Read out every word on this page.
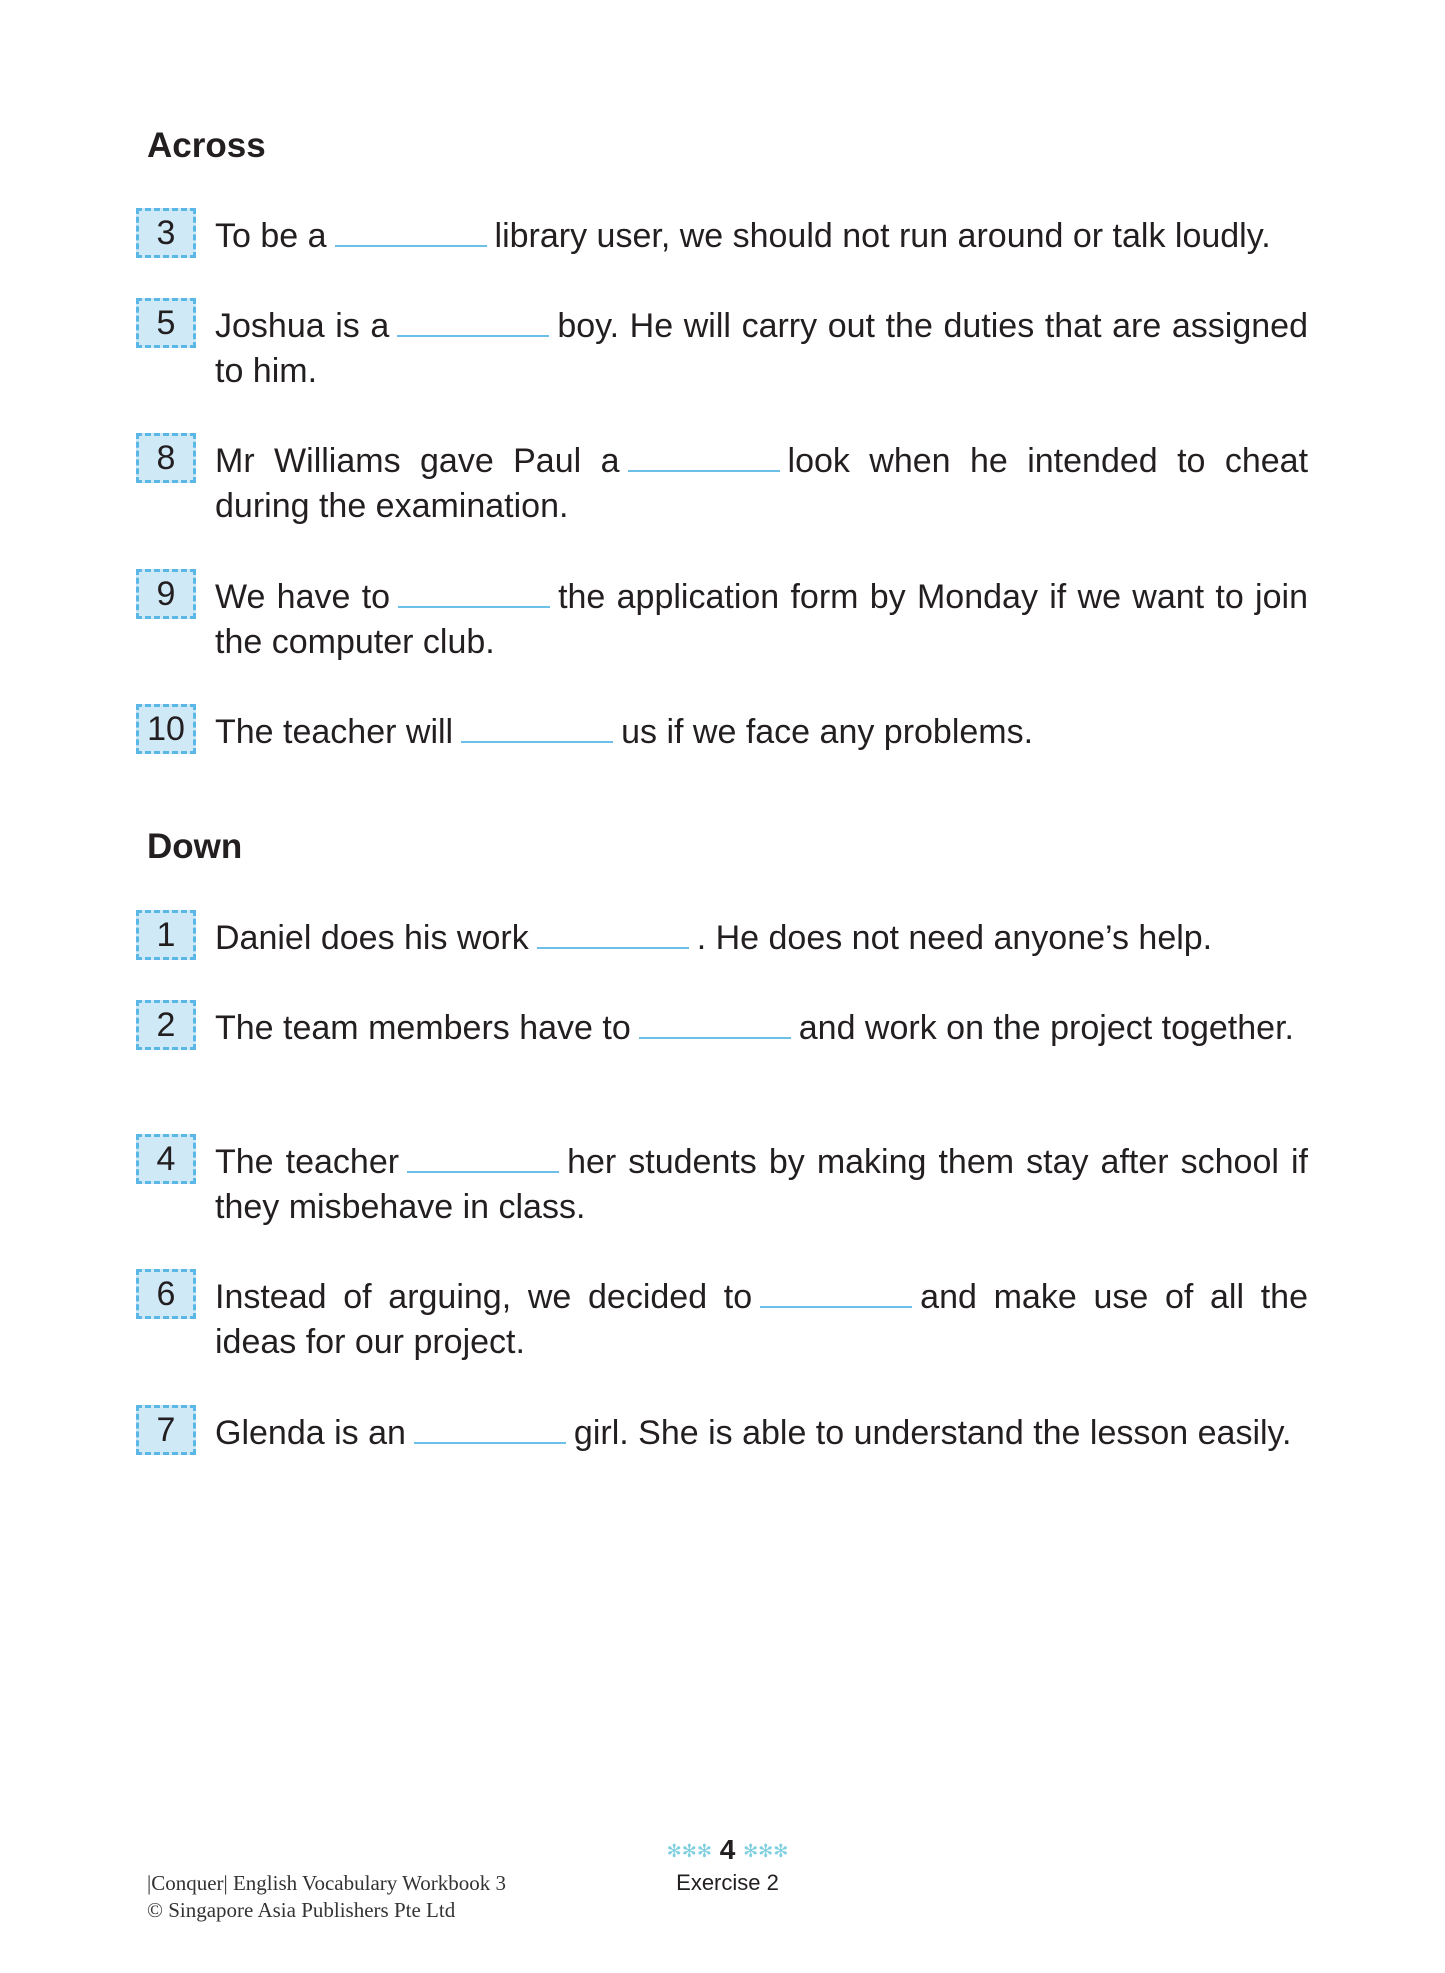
Across
Down
3	To be a	library user, we should not run around or talk loudly.
5	Joshua is a	boy. He will carry out the duties that are assigned to him.
8	Mr Williams gave Paul a	look when he intended to cheat during the examination.
9	We have to	the application form by Monday if we want to join the computer club.
10 The teacher will	us if we face any problems.
1	Daniel does his work	. He does not need anyone’s help.
2	The team members have to	and work on the project together.
4	The teacher	her students by making them stay after school if they misbehave in class.
6	Instead of arguing, we decided to	and make use of all the ideas for our project.
7	Glenda is an	girl. She is able to understand the lesson easily.
|Conquer| English Vocabulary Workbook 3
© Singapore Asia Publishers Pte Ltd
✻✻✻ 4 ✻✻✻
Exercise 2
